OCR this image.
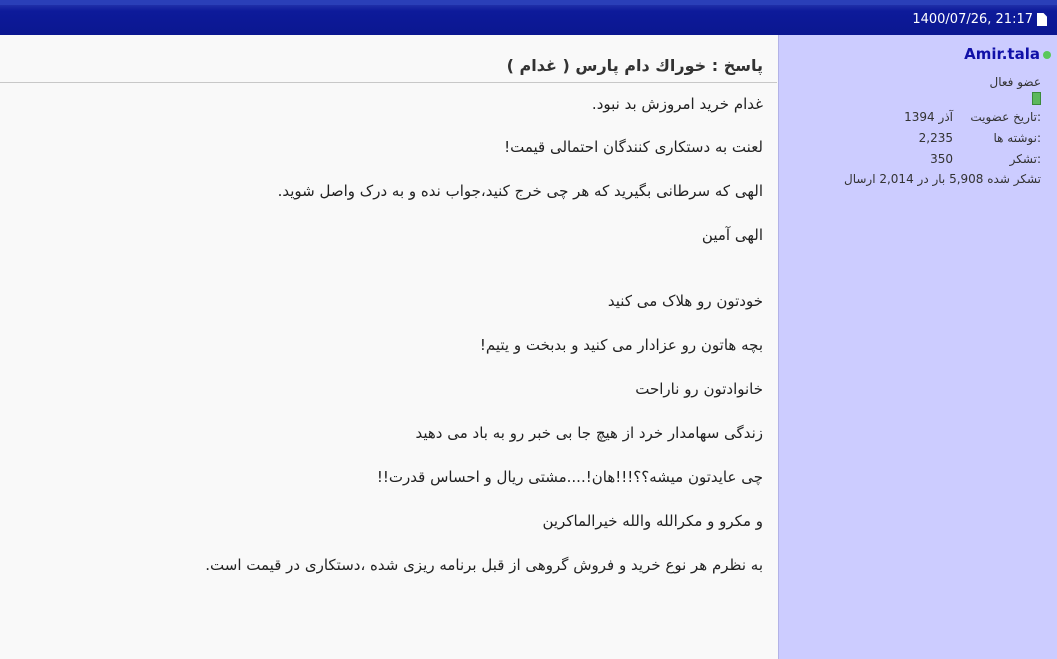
1400/07/26, 21:17
Amir.tala
عضو فعال
تاریخ عضویت:
آذر 1394
نوشته ها:
2,235
تشکر:
350
تشکر شده 5,908 بار در 2,014 ارسال
پاسخ : خوراك دام پارس ( غدام )

غدام خرید امروزش بد نبود.

لعنت به دستکاری کنندگان احتمالی قیمت!

الهی که سرطانی بگیرید که هر چی خرج کنید،جواب نده و به درک واصل شوید.

الهی آمین

خودتون رو هلاک می کنید

بچه هاتون رو عزادار می کنید و بدبخت و یتیم!

خانوادتون رو ناراحت

زندگی سهامدار خرد از هیچ جا بی خبر رو به باد می دهید

چی عایدتون میشه؟؟!!!هان!....مشتی ریال و احساس قدرت!!

و مکرو و مکرالله والله خیرالماکرین

به نظرم هر نوع خرید و فروش گروهی از قبل برنامه ریزی شده ،دستکاری در قیمت است.
